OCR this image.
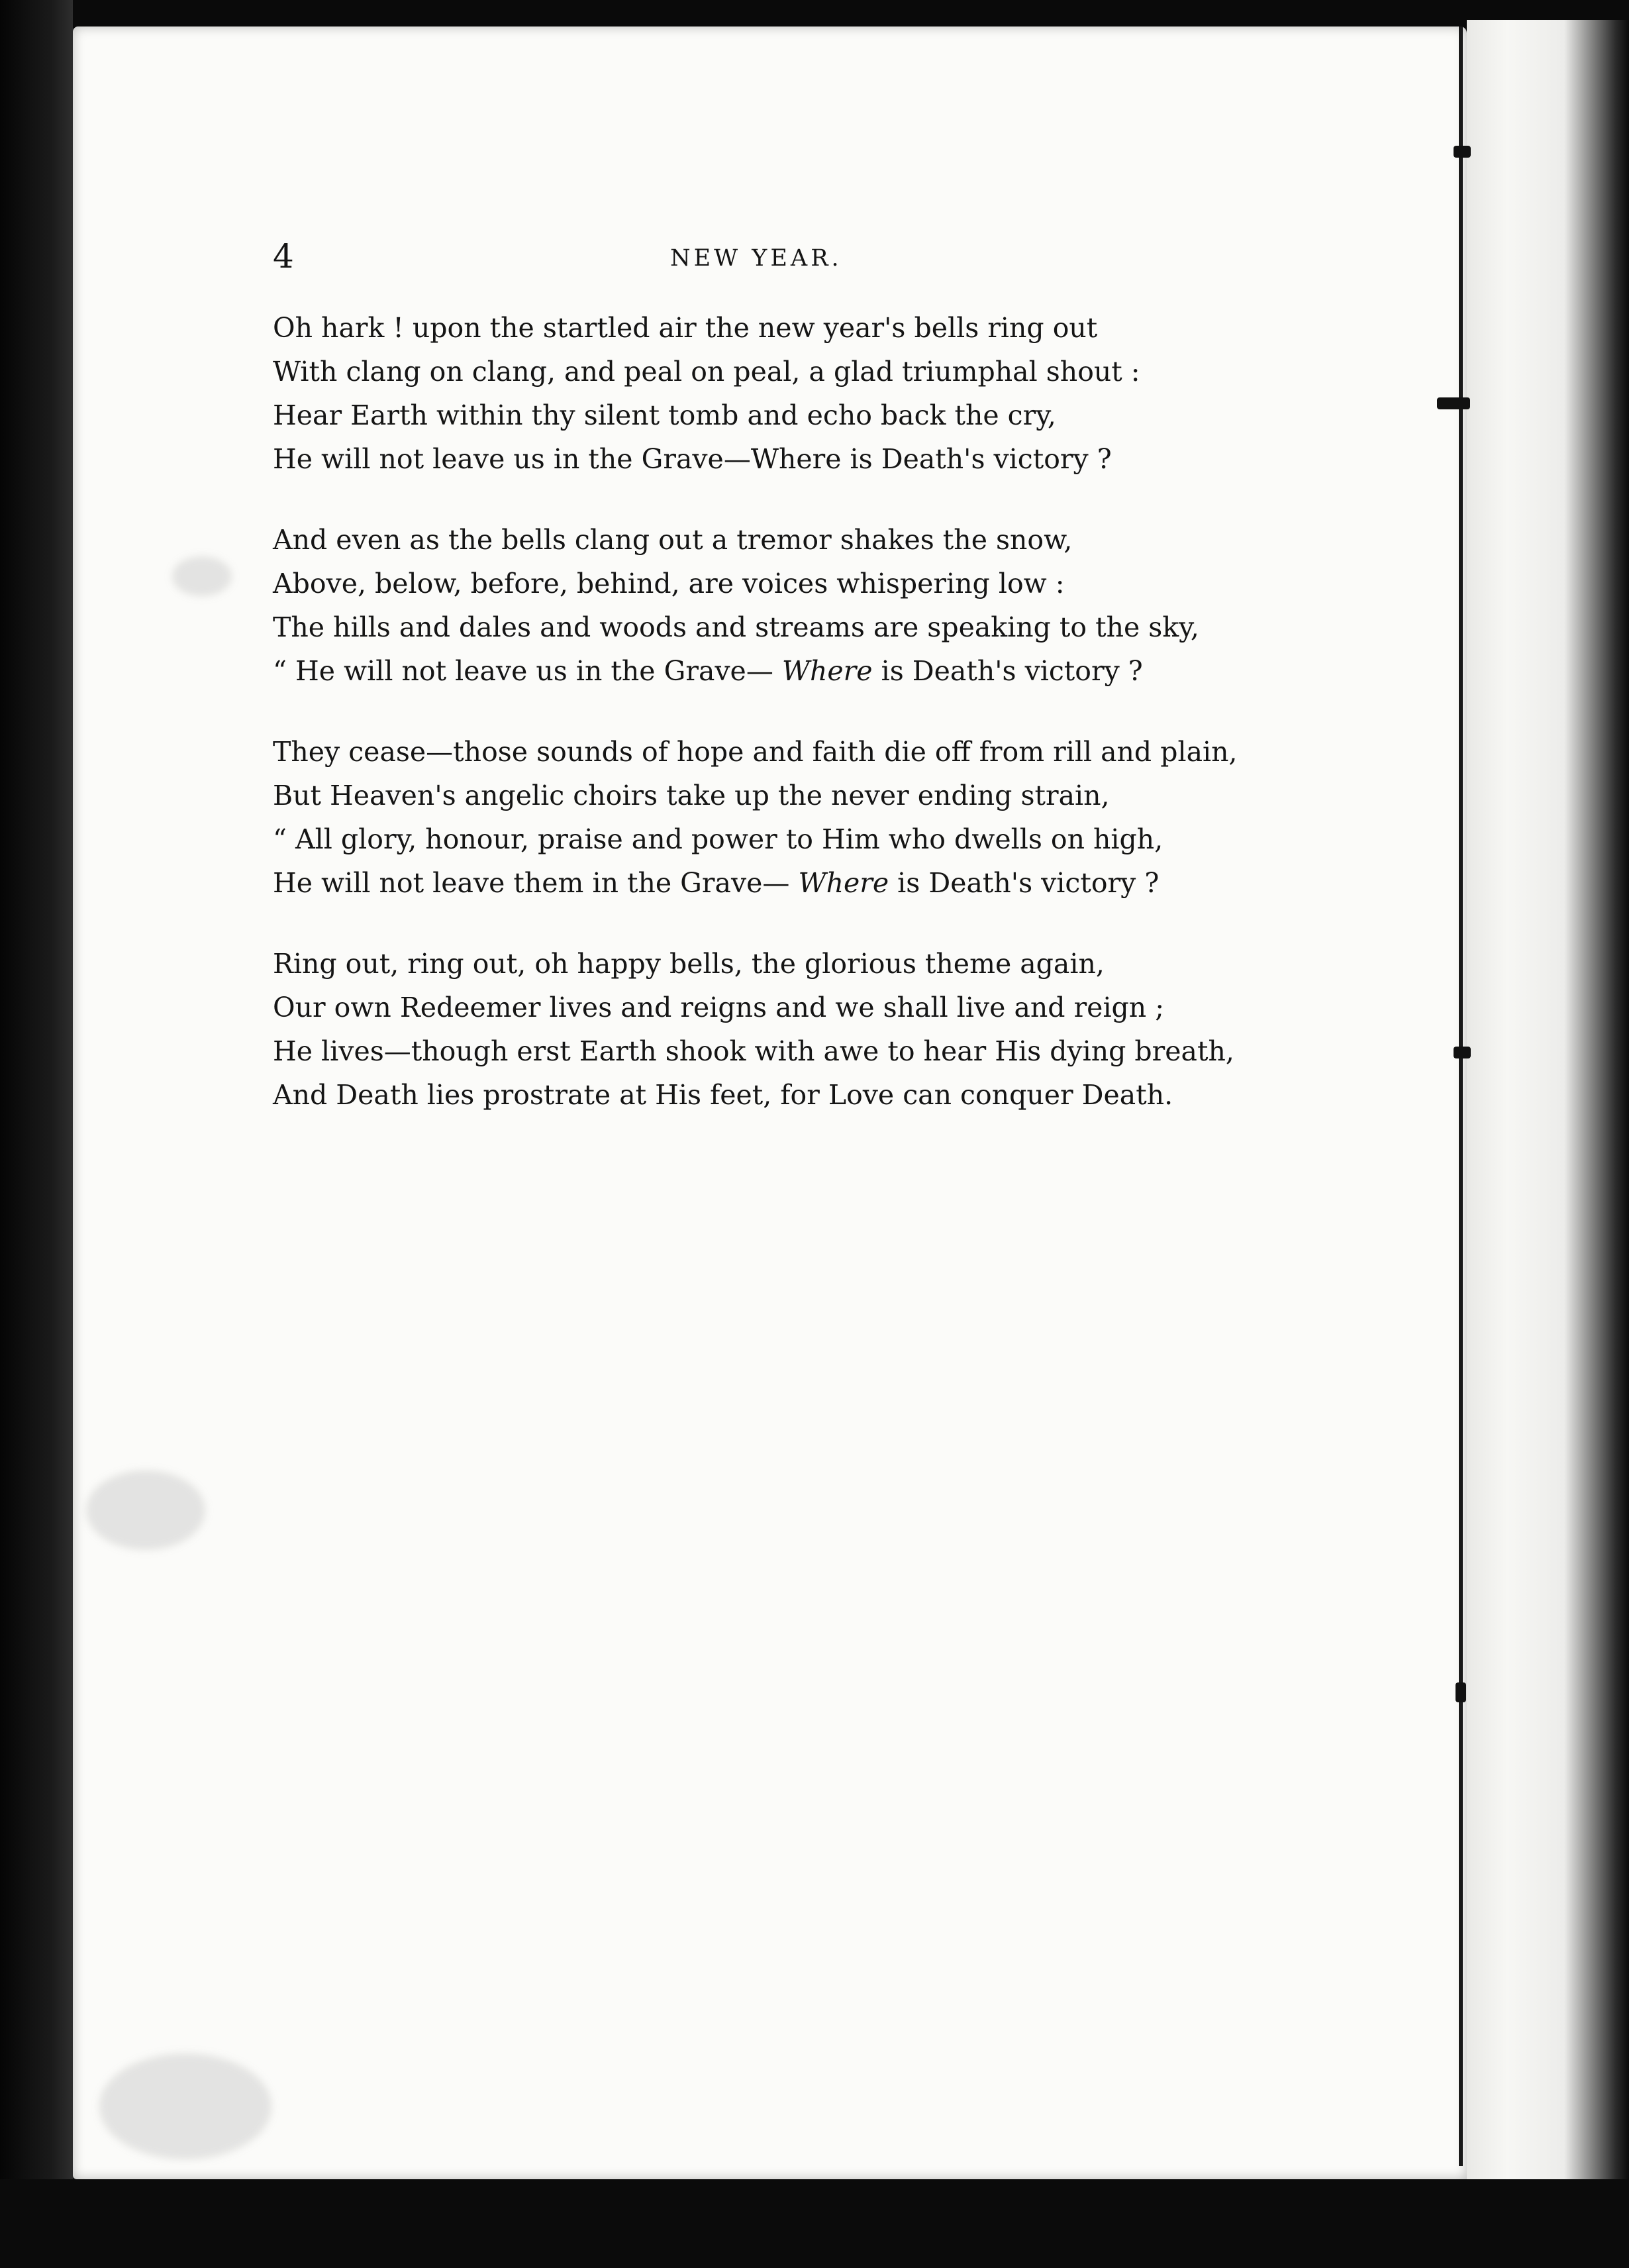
4	NEW YEAR.
Oh hark ! upon the startled air the new year's bells ring out
With clang on clang, and peal on peal, a glad triumphal shout :
Hear Earth within thy silent tomb and echo back the cry,
He will not leave us in the Grave—Where is Death's victory ?
And even as the bells clang out a tremor shakes the snow,
Above, below, before, behind, are voices whispering low :
The hills and dales and woods and streams are speaking to the sky,
“ He will not leave us in the Grave— Where is Death's victory ?
They cease—those sounds of hope and faith die off from rill and plain,
But Heaven's angelic choirs take up the never ending strain,
“ All glory, honour, praise and power to Him who dwells on high,
He will not leave them in the Grave— Where is Death's victory ?
Ring out, ring out, oh happy bells, the glorious theme again,
Our own Redeemer lives and reigns and we shall live and reign ;
He lives—though erst Earth shook with awe to hear His dying breath,
And Death lies prostrate at His feet, for Love can conquer Death.
